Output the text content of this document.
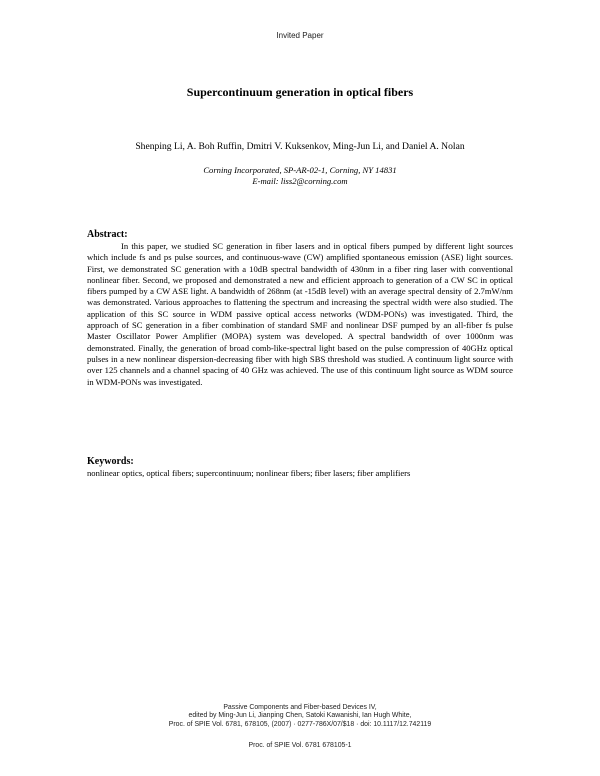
Invited Paper
Supercontinuum generation in optical fibers
Shenping Li, A. Boh Ruffin, Dmitri V. Kuksenkov, Ming-Jun Li, and Daniel A. Nolan
Corning Incorporated, SP-AR-02-1, Corning, NY 14831
E-mail: liss2@corning.com
Abstract:
In this paper, we studied SC generation in fiber lasers and in optical fibers pumped by different light sources which include fs and ps pulse sources, and continuous-wave (CW) amplified spontaneous emission (ASE) light sources. First, we demonstrated SC generation with a 10dB spectral bandwidth of 430nm in a fiber ring laser with conventional nonlinear fiber. Second, we proposed and demonstrated a new and efficient approach to generation of a CW SC in optical fibers pumped by a CW ASE light. A bandwidth of 268nm (at -15dB level) with an average spectral density of 2.7mW/nm was demonstrated. Various approaches to flattening the spectrum and increasing the spectral width were also studied. The application of this SC source in WDM passive optical access networks (WDM-PONs) was investigated. Third, the approach of SC generation in a fiber combination of standard SMF and nonlinear DSF pumped by an all-fiber fs pulse Master Oscillator Power Amplifier (MOPA) system was developed. A spectral bandwidth of over 1000nm was demonstrated. Finally, the generation of broad comb-like-spectral light based on the pulse compression of 40GHz optical pulses in a new nonlinear dispersion-decreasing fiber with high SBS threshold was studied. A continuum light source with over 125 channels and a channel spacing of 40 GHz was achieved. The use of this continuum light source as WDM source in WDM-PONs was investigated.
Keywords:
nonlinear optics, optical fibers; supercontinuum; nonlinear fibers; fiber lasers; fiber amplifiers
Passive Components and Fiber-based Devices IV,
edited by Ming-Jun Li, Jianping Chen, Satoki Kawanishi, Ian Hugh White,
Proc. of SPIE Vol. 6781, 678105, (2007) · 0277-786X/07/$18 · doi: 10.1117/12.742119
Proc. of SPIE Vol. 6781 678105-1
